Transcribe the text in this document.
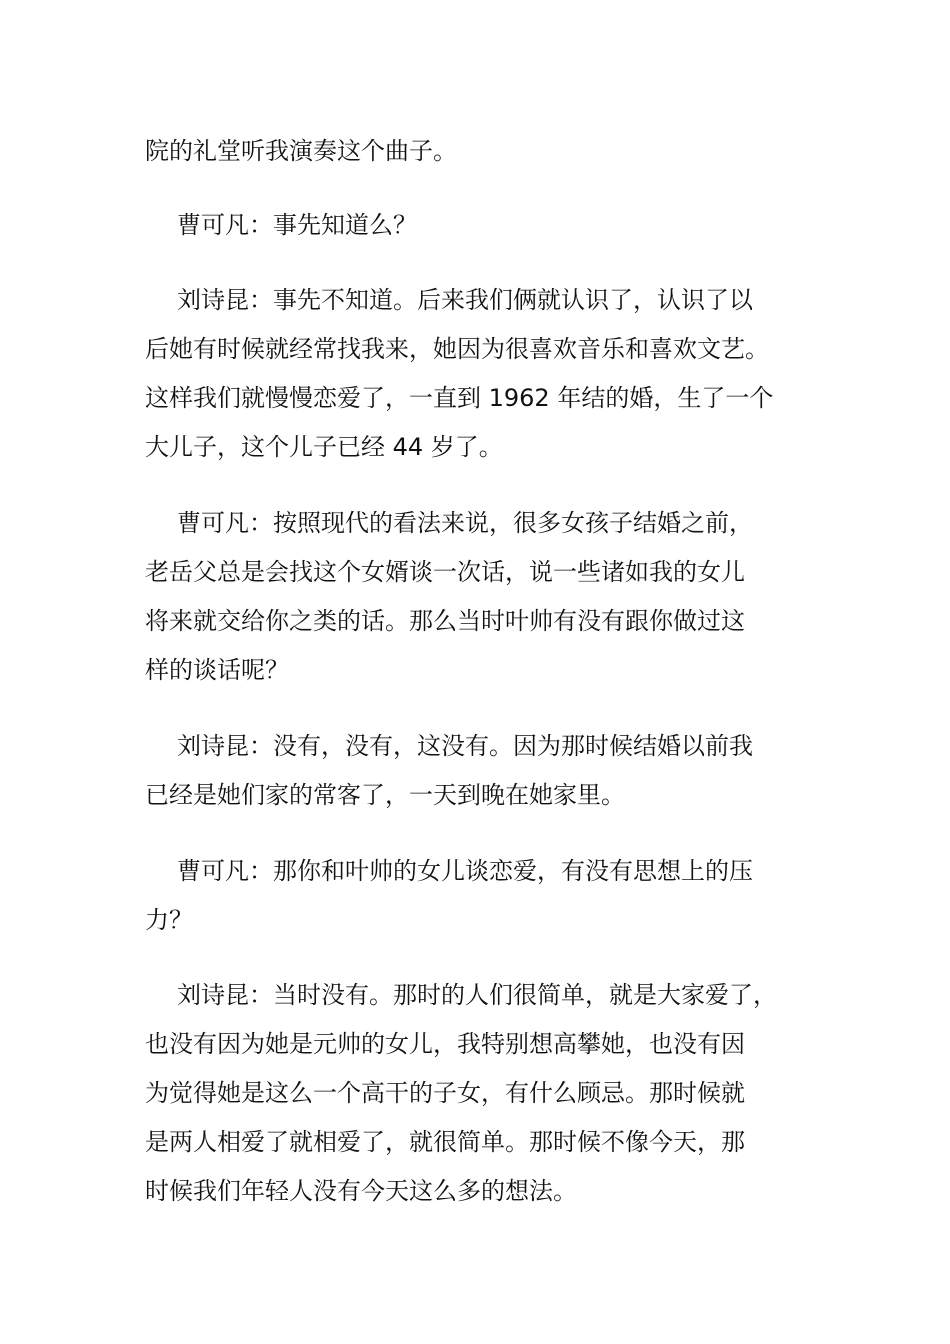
院的礼堂听我演奏这个曲子。

曹可凡：事先知道么？

刘诗昆：事先不知道。后来我们俩就认识了，认识了以
后她有时候就经常找我来，她因为很喜欢音乐和喜欢文艺。
这样我们就慢慢恋爱了，一直到 1962 年结的婚，生了一个
大儿子，这个儿子已经 44 岁了。

曹可凡：按照现代的看法来说，很多女孩子结婚之前，
老岳父总是会找这个女婿谈一次话，说一些诸如我的女儿
将来就交给你之类的话。那么当时叶帅有没有跟你做过这
样的谈话呢？

刘诗昆：没有，没有，这没有。因为那时候结婚以前我
已经是她们家的常客了，一天到晚在她家里。

曹可凡：那你和叶帅的女儿谈恋爱，有没有思想上的压
力？

刘诗昆：当时没有。那时的人们很简单，就是大家爱了，
也没有因为她是元帅的女儿，我特别想高攀她，也没有因
为觉得她是这么一个高干的子女，有什么顾忌。那时候就
是两人相爱了就相爱了，就很简单。那时候不像今天，那
时候我们年轻人没有今天这么多的想法。
